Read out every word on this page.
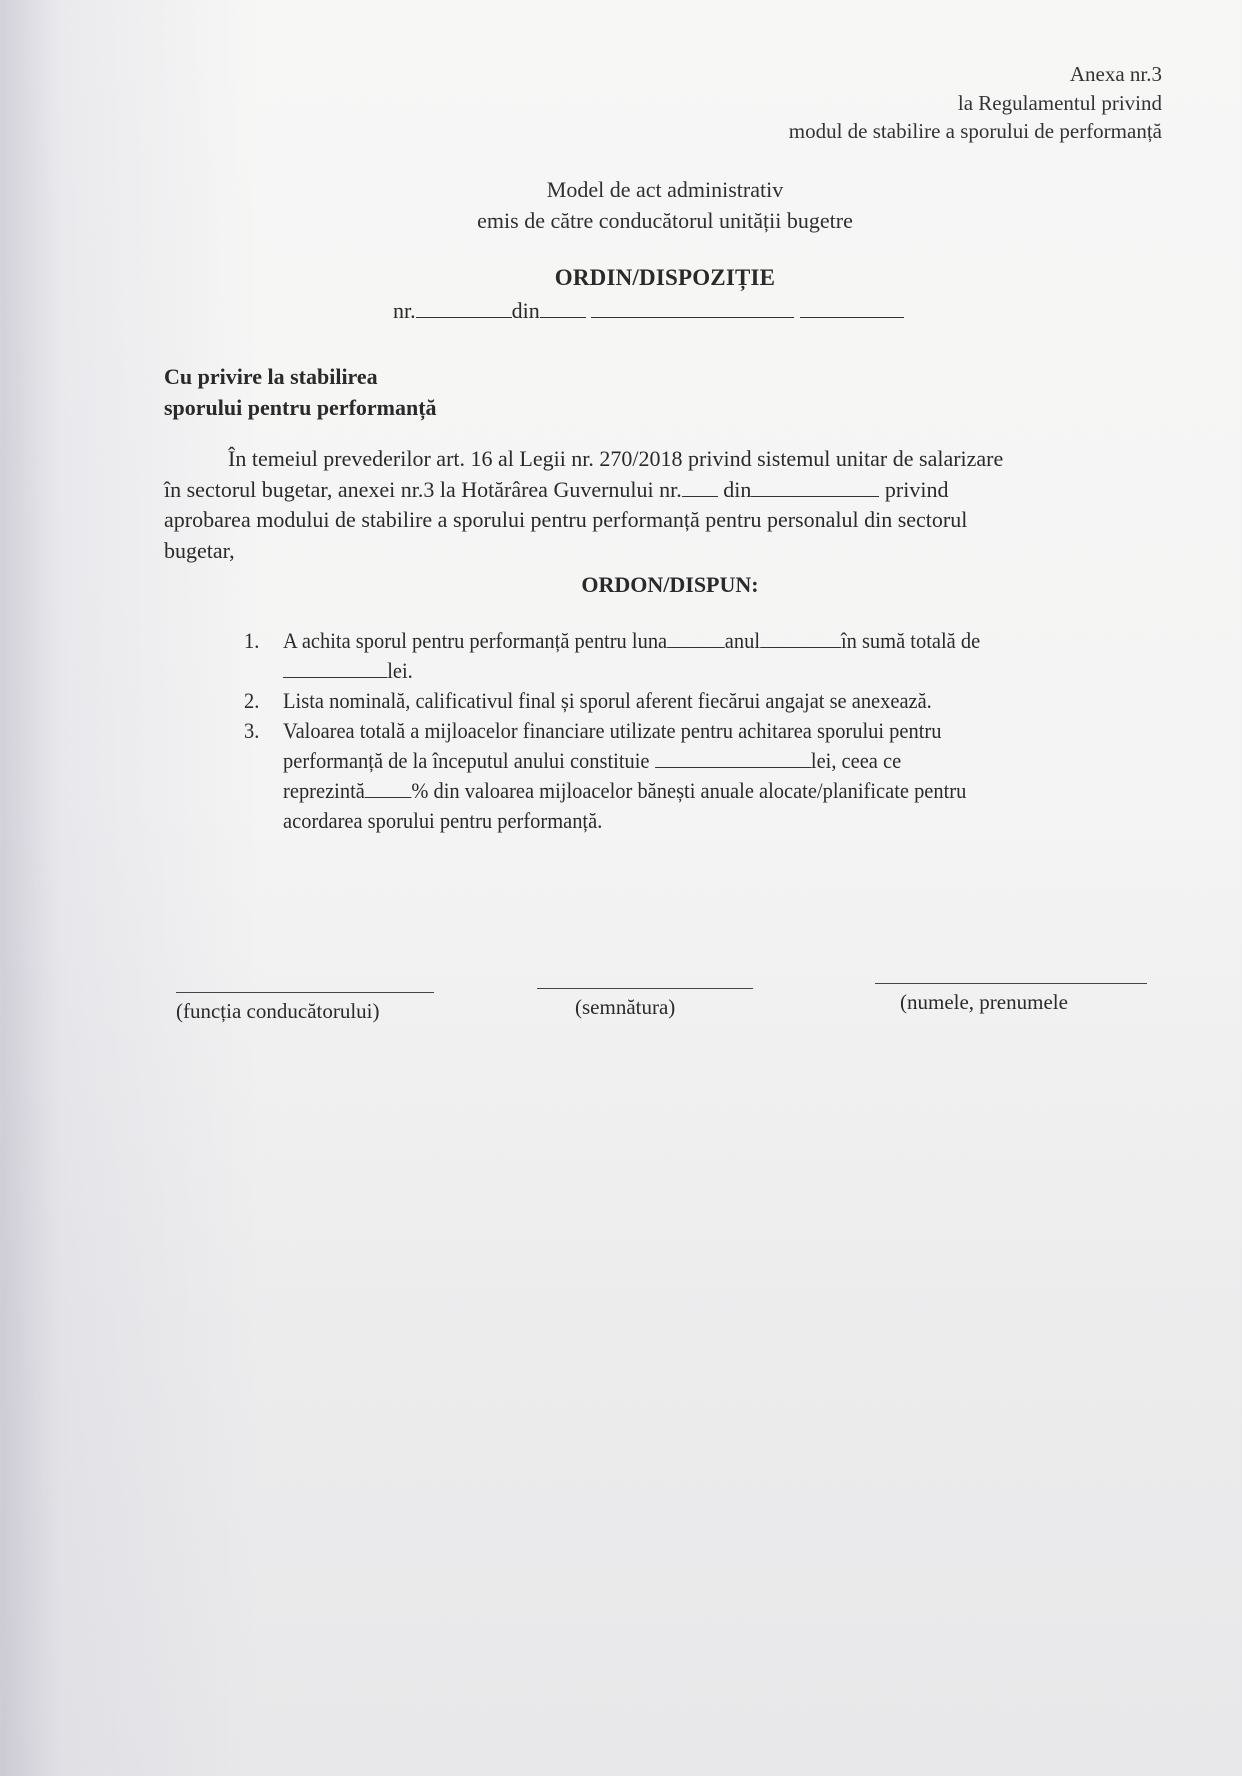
Anexa nr.3
la Regulamentul privind
modul de stabilire a sporului de performanță
Model de act administrativ
emis de către conducătorul unității bugetre
ORDIN/DISPOZIȚIE
nr.	din
Cu privire la stabilirea
sporului pentru performanță
În temeiul prevederilor art. 16 al Legii nr. 270/2018 privind sistemul unitar de salarizare
în sectorul bugetar, anexei nr.3 la Hotărârea Guvernului nr. din	privind
aprobarea modului de stabilire a sporului pentru performanță pentru personalul din sectorul
bugetar,
ORDON/DISPUN:
1. A achita sporul pentru performanță pentru luna	anul	în sumă totală de
lei.
2. Lista nominală, calificativul final și sporul aferent fiecărui angajat se anexează.
3. Valoarea totală a mijloacelor financiare utilizate pentru achitarea sporului pentru
performanță de la începutul anului constituie	lei, ceea ce
reprezintă % din valoarea mijloacelor bănești anuale alocate/planificate pentru
acordarea sporului pentru performanță.
(funcția conducătorului)	(semnătura)	(numele, prenumele
